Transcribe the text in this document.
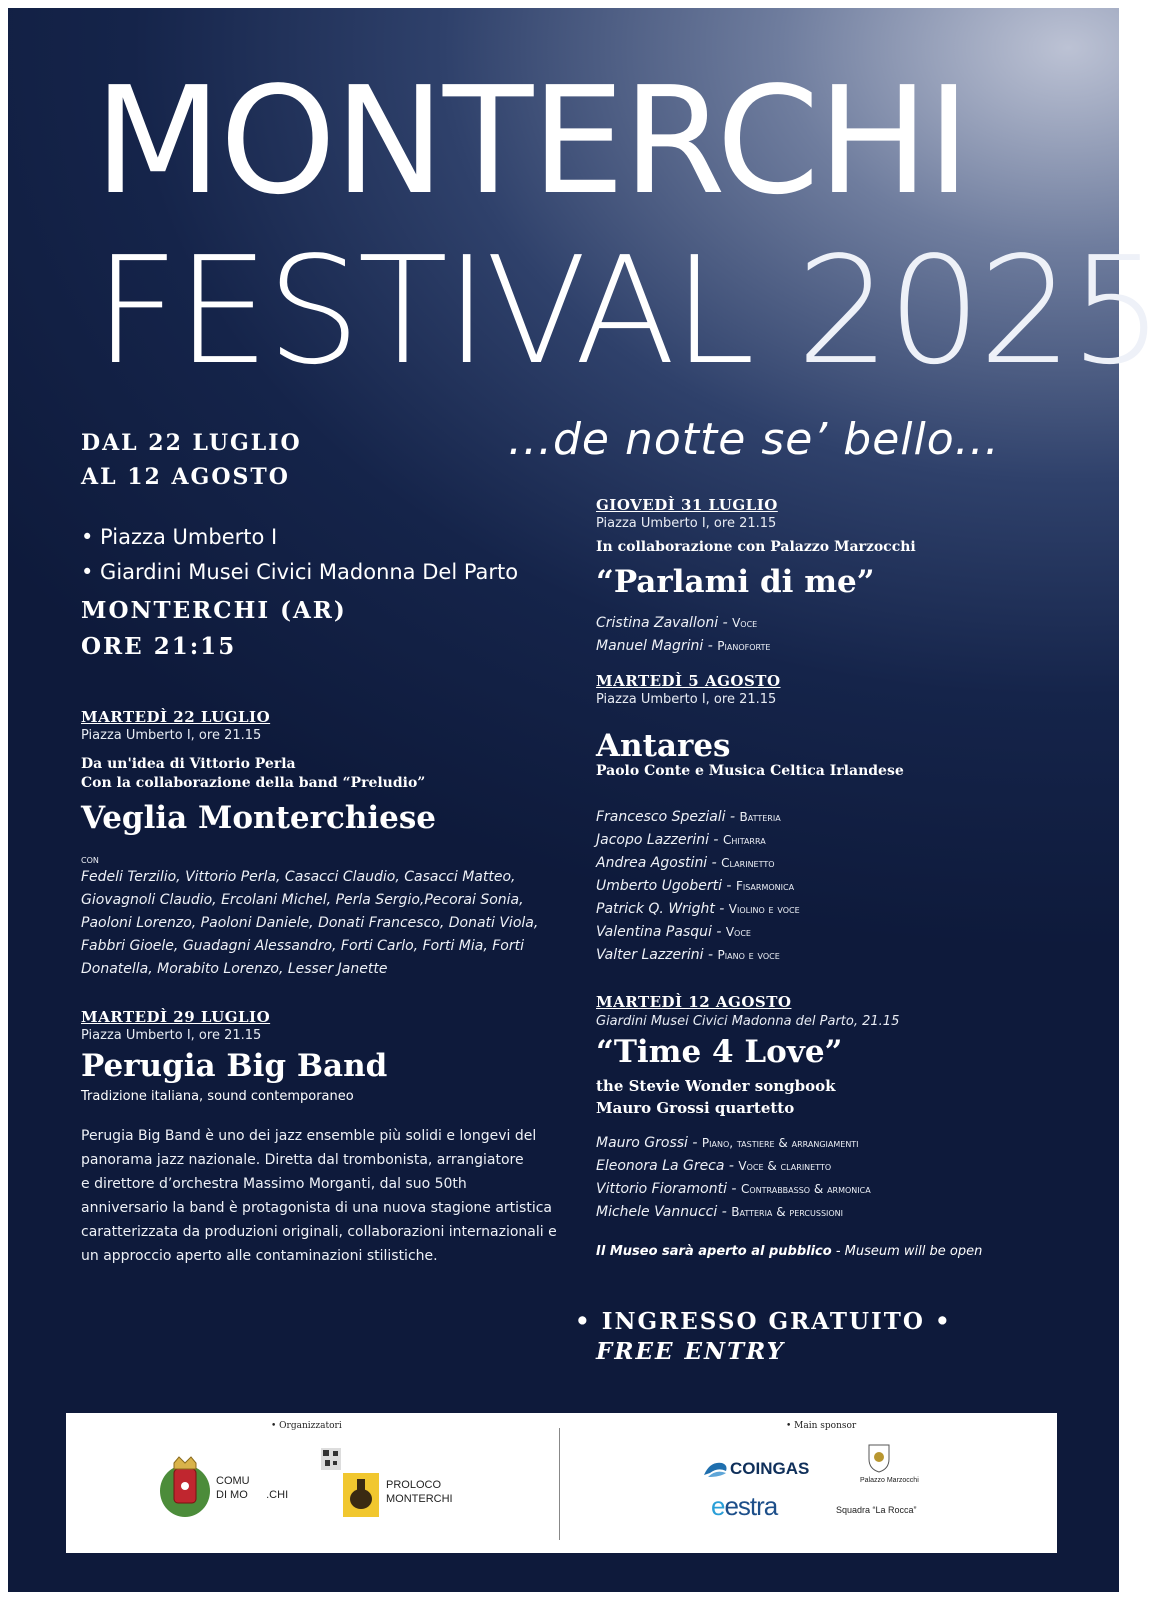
MONTERCHI
FESTIVAL 2025
...de notte se’ bello...
DAL 22 LUGLIO
AL 12 AGOSTO
• Piazza Umberto I
• Giardini Musei Civici Madonna Del Parto
MONTERCHI (AR)
ORE 21:15
MARTEDÌ 22 LUGLIO
Piazza Umberto I, ore 21.15
Da un'idea di Vittorio Perla
Con la collaborazione della band “Preludio”
Veglia Monterchiese
con
Fedeli Terzilio, Vittorio Perla, Casacci Claudio, Casacci Matteo,
Giovagnoli Claudio, Ercolani Michel, Perla Sergio,Pecorai Sonia,
Paoloni Lorenzo, Paoloni Daniele, Donati Francesco, Donati Viola,
Fabbri Gioele, Guadagni Alessandro, Forti Carlo, Forti Mia, Forti
Donatella, Morabito Lorenzo, Lesser Janette
MARTEDÌ 29 LUGLIO
Piazza Umberto I, ore 21.15
Perugia Big Band
Tradizione italiana, sound contemporaneo
Perugia Big Band è uno dei jazz ensemble più solidi e longevi del
panorama jazz nazionale. Diretta dal trombonista, arrangiatore
e direttore d’orchestra Massimo Morganti, dal suo 50th
anniversario la band è protagonista di una nuova stagione artistica
caratterizzata da produzioni originali, collaborazioni internazionali e
un approccio aperto alle contaminazioni stilistiche.
GIOVEDÌ 31 LUGLIO
Piazza Umberto I, ore 21.15
In collaborazione con Palazzo Marzocchi
“Parlami di me”
Cristina Zavalloni - Voce
Manuel Magrini - Pianoforte
MARTEDÌ 5 AGOSTO
Piazza Umberto I, ore 21.15
Antares
Paolo Conte e Musica Celtica Irlandese
Francesco Speziali - Batteria
Jacopo Lazzerini - Chitarra
Andrea Agostini - Clarinetto
Umberto Ugoberti - Fisarmonica
Patrick Q. Wright - Violino e voce
Valentina Pasqui - Voce
Valter Lazzerini - Piano e voce
MARTEDÌ 12 AGOSTO
Giardini Musei Civici Madonna del Parto, 21.15
“Time 4 Love”
the Stevie Wonder songbook
Mauro Grossi quartetto
Mauro Grossi - Piano, tastiere & arrangiamenti
Eleonora La Greca - Voce & clarinetto
Vittorio Fioramonti - Contrabbasso & armonica
Michele Vannucci - Batteria & percussioni
Il Museo sarà aperto al pubblico - Museum will be open
• INGRESSO GRATUITO •
FREE ENTRY
• Organizzatori	• Main sponsor
COMU
DI MO .CHI
PROLOCO
MONTERCHI
COINGAS
eestra
Palazzo Marzocchi
Squadra “La Rocca”
